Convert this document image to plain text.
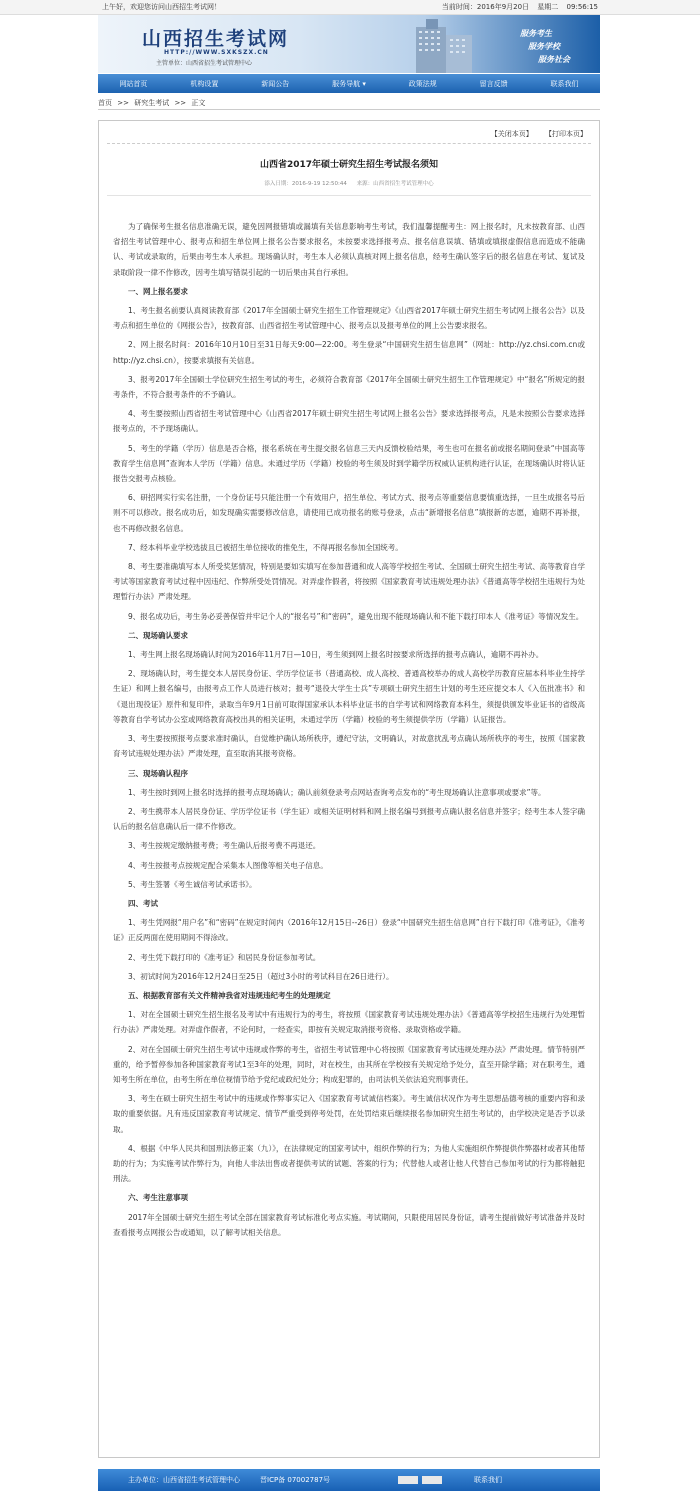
上午好，欢迎您访问山西招生考试网！	当前时间：2016年9月20日 星期二 09:56:15
山西招生考试网
HTTP://WWW.SXKSZX.CN
主管单位：山西省招生考试管理中心
服务考生
服务学校
服务社会
网站首页	机构设置	新闻公告	服务导航 ▾	政策法规	留言反馈	联系我们
首页 >> 研究生考试 >> 正文
【关闭本页】 【打印本页】
山西省2017年硕士研究生招生考试报名须知
添入日期：2016-9-19 12:50:44 来源：山西省招生考试管理中心
为了确保考生报名信息准确无误，避免因网报错填或漏填有关信息影响考生考试，我们温馨提醒考生：网上报名时，凡未按教育部、山西省招生考试管理中心、报考点和招生单位网上报名公告要求报名，未按要求选择报考点、报名信息误填、错填或填报虚假信息而造成不能确认、考试或录取的，后果由考生本人承担。现场确认时，考生本人必须认真核对网上报名信息，经考生确认签字后的报名信息在考试、复试及录取阶段一律不作修改，因考生填写错误引起的一切后果由其自行承担。
一、网上报名要求
1、考生报名前要认真阅读教育部《2017年全国硕士研究生招生工作管理规定》《山西省2017年硕士研究生招生考试网上报名公告》以及考点和招生单位的《网报公告》，按教育部、山西省招生考试管理中心、报考点以及报考单位的网上公告要求报名。
2、网上报名时间：2016年10月10日至31日每天9:00—22:00。考生登录“中国研究生招生信息网”（网址：http://yz.chsi.com.cn或http://yz.chsi.cn），按要求填报有关信息。
3、报考2017年全国硕士学位研究生招生考试的考生，必须符合教育部《2017年全国硕士研究生招生工作管理规定》中“报名”所规定的报考条件，不符合报考条件的不予确认。
4、考生要按照山西省招生考试管理中心《山西省2017年硕士研究生招生考试网上报名公告》要求选择报考点，凡是未按照公告要求选择报考点的，不予现场确认。
5、考生的学籍（学历）信息是否合格，报名系统在考生提交报名信息三天内反馈校验结果，考生也可在报名前或报名期间登录“中国高等教育学生信息网”查询本人学历（学籍）信息。未通过学历（学籍）校验的考生须及时到学籍学历权威认证机构进行认证，在现场确认时将认证报告交报考点核验。
6、研招网实行实名注册，一个身份证号只能注册一个有效用户，招生单位、考试方式、报考点等重要信息要慎重选择，一旦生成报名号后则不可以修改。报名成功后，如发现确实需要修改信息，请使用已成功报名的账号登录，点击“新增报名信息”填报新的志愿，逾期不再补报，也不再修改报名信息。
7、经本科毕业学校选拔且已被招生单位接收的推免生，不得再报名参加全国统考。
8、考生要准确填写本人所受奖惩情况，特别是要如实填写在参加普通和成人高等学校招生考试、全国硕士研究生招生考试、高等教育自学考试等国家教育考试过程中因违纪、作弊所受处罚情况。对弄虚作假者，将按照《国家教育考试违规处理办法》《普通高等学校招生违规行为处理暂行办法》严肃处理。
9、报名成功后，考生务必妥善保管并牢记个人的“报名号”和“密码”，避免出现不能现场确认和不能下载打印本人《准考证》等情况发生。
二、现场确认要求
1、考生网上报名现场确认时间为2016年11月7日—10日，考生须到网上报名时按要求所选择的报考点确认，逾期不再补办。
2、现场确认时，考生提交本人居民身份证、学历学位证书（普通高校、成人高校、普通高校举办的成人高校学历教育应届本科毕业生持学生证）和网上报名编号，由报考点工作人员进行核对；报考“退役大学生士兵”专项硕士研究生招生计划的考生还应提交本人《入伍批准书》和《退出现役证》原件和复印件，录取当年9月1日前可取得国家承认本科毕业证书的自学考试和网络教育本科生，须提供颁发毕业证书的省级高等教育自学考试办公室或网络教育高校出具的相关证明，未通过学历（学籍）校验的考生须提供学历（学籍）认证报告。
3、考生要按照报考点要求准时确认，自觉维护确认场所秩序，遵纪守法，文明确认，对故意扰乱考点确认场所秩序的考生，按照《国家教育考试违规处理办法》严肃处理，直至取消其报考资格。
三、现场确认程序
1、考生按时到网上报名时选择的报考点现场确认；确认前须登录考点网站查询考点发布的“考生现场确认注意事项或要求”等。
2、考生携带本人居民身份证、学历学位证书（学生证）或相关证明材料和网上报名编号到报考点确认报名信息并签字；经考生本人签字确认后的报名信息确认后一律不作修改。
3、考生按规定缴纳报考费；考生确认后报考费不再退还。
4、考生按报考点按规定配合采集本人图像等相关电子信息。
5、考生签署《考生诚信考试承诺书》。
四、考试
1、考生凭网报“用户名”和“密码”在规定时间内（2016年12月15日--26日）登录“中国研究生招生信息网”自行下载打印《准考证》，《准考证》正反两面在使用期间不得涂改。
2、考生凭下载打印的《准考证》和居民身份证参加考试。
3、初试时间为2016年12月24日至25日（超过3小时的考试科目在26日进行）。
五、根据教育部有关文件精神我省对违规违纪考生的处理规定
1、对在全国硕士研究生招生报名及考试中有违规行为的考生，将按照《国家教育考试违规处理办法》《普通高等学校招生违规行为处理暂行办法》严肃处理。对弄虚作假者，不论何时，一经查实，即按有关规定取消报考资格、录取资格或学籍。
2、对在全国硕士研究生招生考试中违规或作弊的考生，省招生考试管理中心将按照《国家教育考试违规处理办法》严肃处理。情节特别严重的，给予暂停参加各种国家教育考试1至3年的处理，同时，对在校生，由其所在学校按有关规定给予处分，直至开除学籍；对在职考生，通知考生所在单位，由考生所在单位视情节给予党纪或政纪处分；构成犯罪的，由司法机关依法追究刑事责任。
3、考生在硕士研究生招生考试中的违规或作弊事实记入《国家教育考试诚信档案》。考生诚信状况作为考生思想品德考核的重要内容和录取的重要依据。凡有违反国家教育考试规定、情节严重受到停考处罚，在处罚结束后继续报名参加研究生招生考试的，由学校决定是否予以录取。
4、根据《中华人民共和国刑法修正案（九）》，在法律规定的国家考试中，组织作弊的行为；为他人实施组织作弊提供作弊器材或者其他帮助的行为；为实施考试作弊行为，向他人非法出售或者提供考试的试题、答案的行为；代替他人或者让他人代替自己参加考试的行为都将触犯刑法。
六、考生注意事项
2017年全国硕士研究生招生考试全部在国家教育考试标准化考点实施。考试期间，只限使用居民身份证，请考生提前做好考试准备并及时查看报考点网报公告或通知，以了解考试相关信息。
主办单位：山西省招生考试管理中心	晋ICP备 07002787号	联系我们
